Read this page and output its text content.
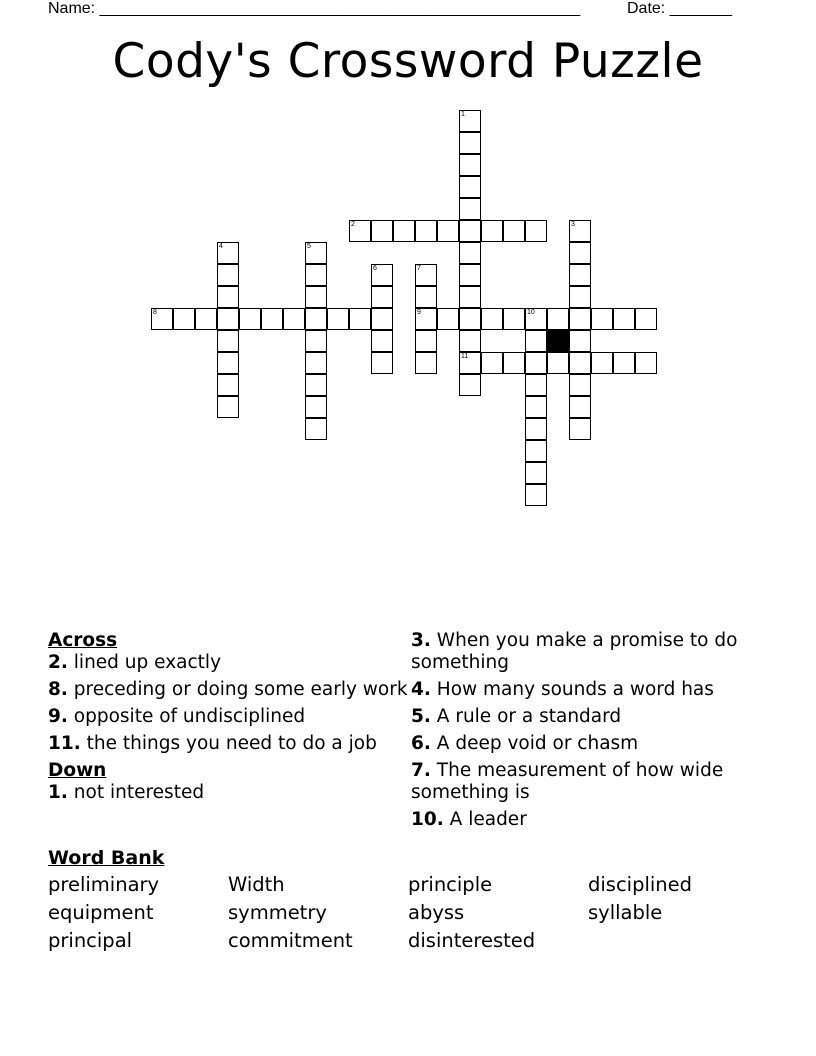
Name: ______________________________________________________	Date: _______
Cody's Crossword Puzzle
1
11
2	3
4	5
6	7
9
8	10
Across
2. lined up exactly
8. preceding or doing some early work
9. opposite of undisciplined
11. the things you need to do a job
Down
1. not interested
3. When you make a promise to do something
4. How many sounds a word has
5. A rule or a standard
6. A deep void or chasm
7. The measurement of how wide something is
10. A leader
Word Bank
preliminary	Width	principle	disciplined
equipment	symmetry	abyss	syllable
principal	commitment	disinterested
